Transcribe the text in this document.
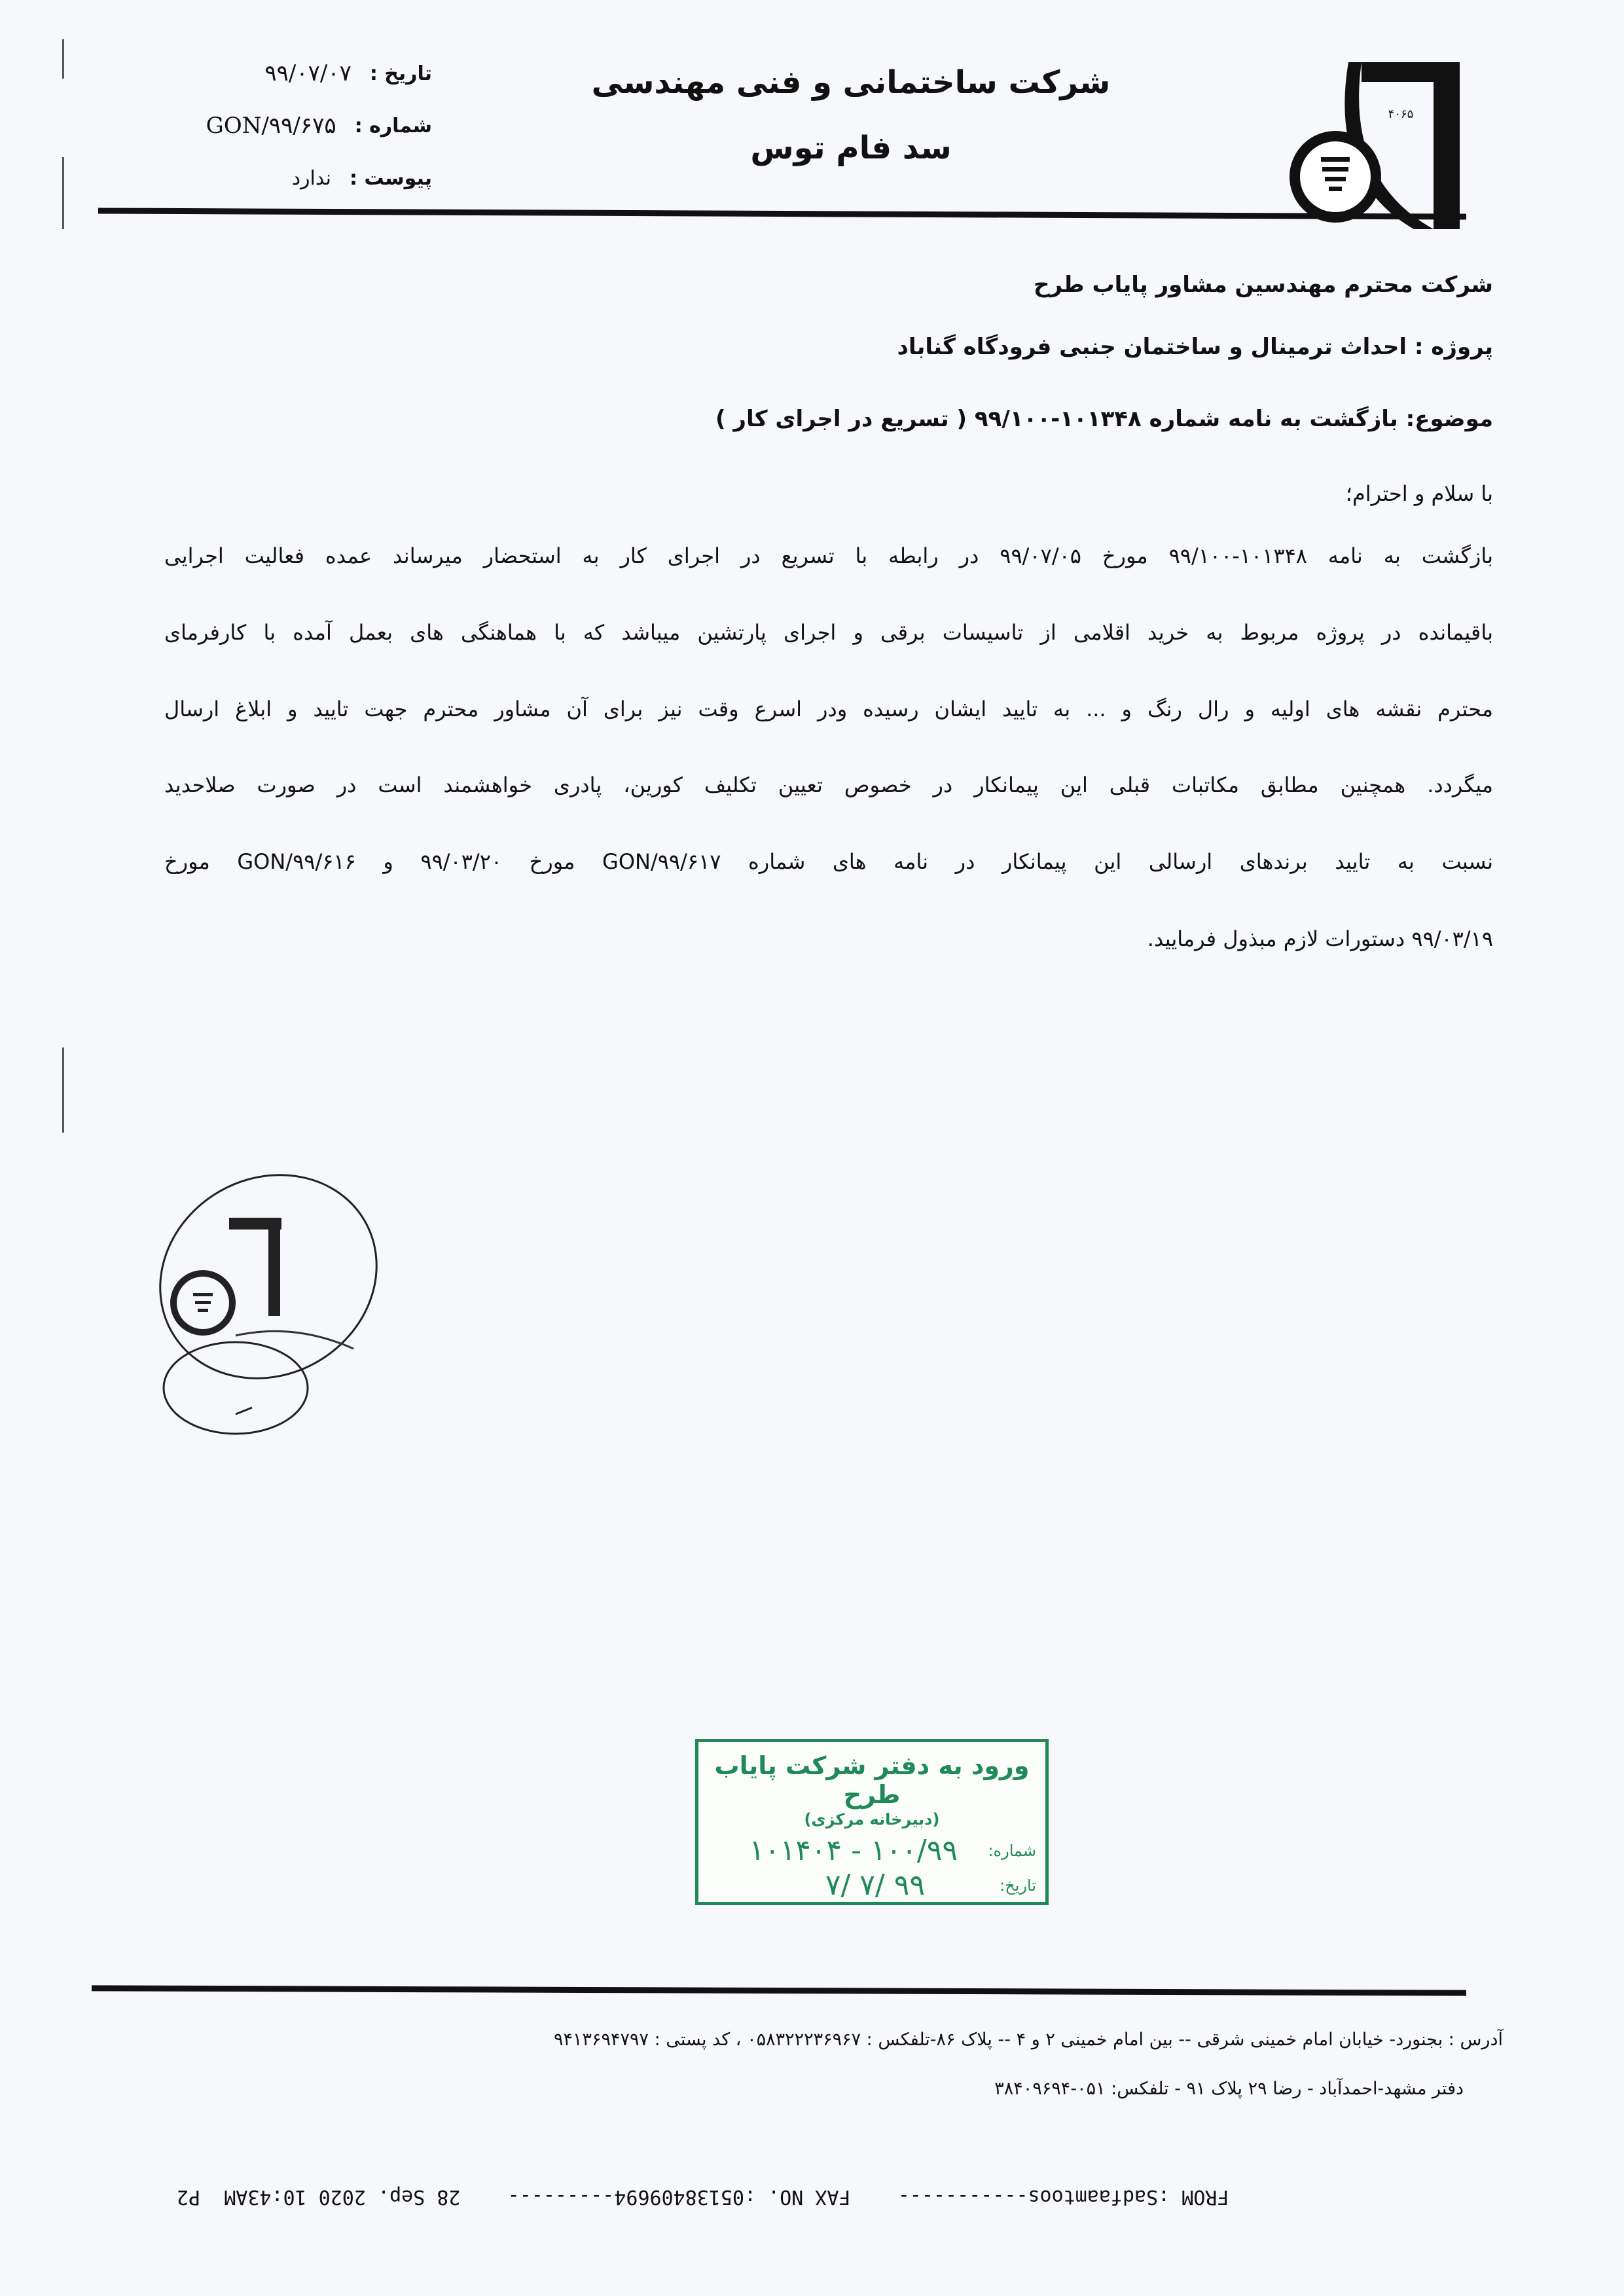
تاریخ :
۹۹/۰۷/۰۷
شماره :
GON/۹۹/۶۷۵
پیوست :
ندارد
شرکت ساختمانی و فنی مهندسی
سد فام توس
۴۰۶۵
شرکت محترم مهندسین مشاور پایاب طرح
پروژه : احداث ترمینال و ساختمان جنبی فرودگاه گناباد
موضوع: بازگشت به نامه شماره ۱۰۱۳۴۸-۹۹/۱۰۰ ( تسریع در اجرای کار )
با سلام و احترام؛
بازگشت به نامه ۱۰۱۳۴۸-۹۹/۱۰۰ مورخ ۹۹/۰۷/۰۵ در رابطه با تسریع در اجرای کار به استحضار میرساند عمده فعالیت اجرایی
باقیمانده در پروژه مربوط به خرید اقلامی از تاسیسات برقی و اجرای پارتشین میباشد که با هماهنگی های بعمل آمده با کارفرمای
محترم نقشه های اولیه و رال رنگ و ... به تایید ایشان رسیده ودر اسرع وقت نیز برای آن مشاور محترم جهت تایید و ابلاغ ارسال
میگردد. همچنین مطابق مکاتبات قبلی این پیمانکار در خصوص تعیین تکلیف کورین، پادری خواهشمند است در صورت صلاحدید
نسبت به تایید برندهای ارسالی این پیمانکار در نامه های شماره GON/۹۹/۶۱۷ مورخ ۹۹/۰۳/۲۰ و GON/۹۹/۶۱۶ مورخ
۹۹/۰۳/۱۹ دستورات لازم مبذول فرمایید.
ورود به دفتر شرکت پایاب طرح
(دبیرخانه مرکزی)
شماره:
۱۰۰/۹۹ - ۱۰۱۴۰۴
تاریخ:
۹۹ /۷ /۷
آدرس : بجنورد- خیابان امام خمینی شرقی -- بین امام خمینی ۲ و ۴ -- پلاک ۸۶-تلفکس : ۰۵۸۳۲۲۲۳۶۹۶۷ ، کد پستی : ۹۴۱۳۶۹۴۷۹۷
دفتر مشهد-احمدآباد - رضا ۲۹ پلاک ۹۱ - تلفکس: ۰۵۱-۳۸۴۰۹۶۹۴
FROM :Sadfaamtoos-----------    FAX NO. :05138409694---------    28 Sep. 2020 10:43AM  P2
